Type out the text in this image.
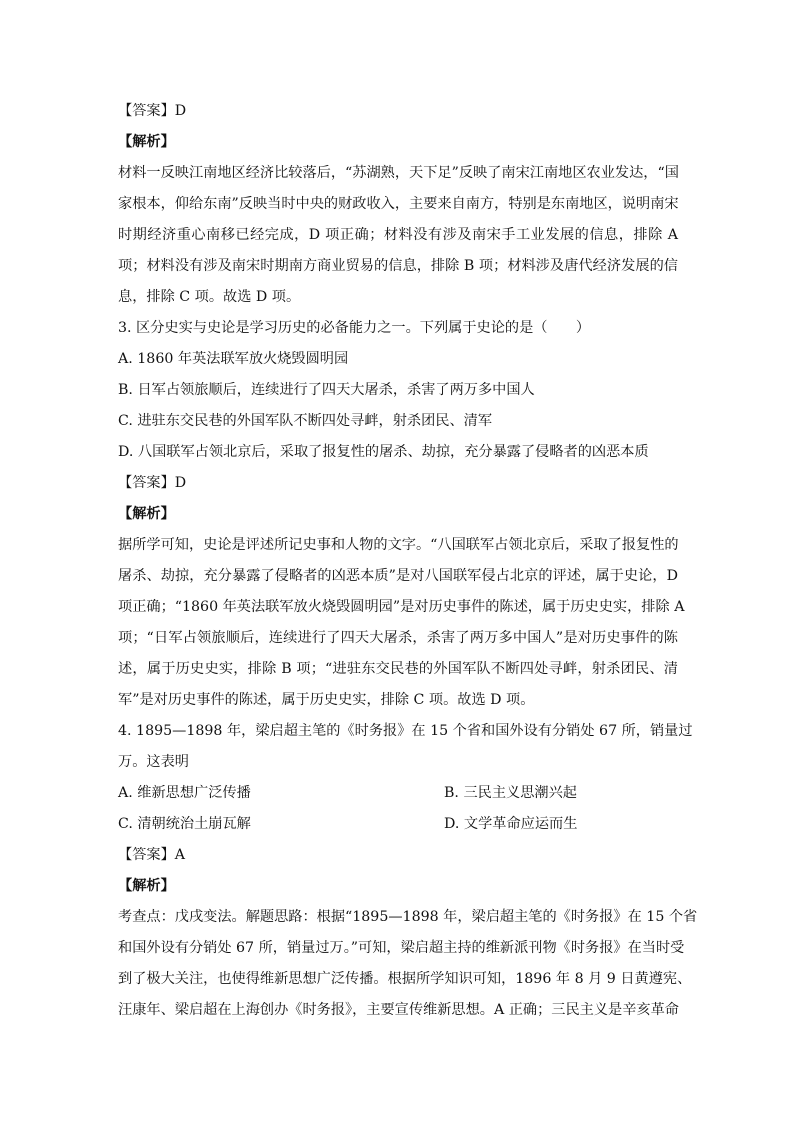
【答案】D
【解析】
材料一反映江南地区经济比较落后，“苏湖熟，天下足”反映了南宋江南地区农业发达，“国
家根本，仰给东南”反映当时中央的财政收入，主要来自南方，特别是东南地区，说明南宋
时期经济重心南移已经完成，D 项正确；材料没有涉及南宋手工业发展的信息，排除 A
项；材料没有涉及南宋时期南方商业贸易的信息，排除 B 项；材料涉及唐代经济发展的信
息，排除 C 项。故选 D 项。
3. 区分史实与史论是学习历史的必备能力之一。下列属于史论的是（　　）
A. 1860 年英法联军放火烧毁圆明园
B. 日军占领旅顺后，连续进行了四天大屠杀，杀害了两万多中国人
C. 进驻东交民巷的外国军队不断四处寻衅，射杀团民、清军
D. 八国联军占领北京后，采取了报复性的屠杀、劫掠，充分暴露了侵略者的凶恶本质
【答案】D
【解析】
据所学可知，史论是评述所记史事和人物的文字。“八国联军占领北京后，采取了报复性的
屠杀、劫掠，充分暴露了侵略者的凶恶本质”是对八国联军侵占北京的评述，属于史论，D
项正确；“1860 年英法联军放火烧毁圆明园”是对历史事件的陈述，属于历史史实，排除 A
项；“日军占领旅顺后，连续进行了四天大屠杀，杀害了两万多中国人”是对历史事件的陈
述，属于历史史实，排除 B 项；“进驻东交民巷的外国军队不断四处寻衅，射杀团民、清
军”是对历史事件的陈述，属于历史史实，排除 C 项。故选 D 项。
4. 1895—1898 年，梁启超主笔的《时务报》在 15 个省和国外设有分销处 67 所，销量过
万。这表明
A. 维新思想广泛传播	B. 三民主义思潮兴起
C. 清朝统治土崩瓦解	D. 文学革命应运而生
【答案】A
【解析】
考查点：戊戌变法。解题思路：根据“1895—1898 年，梁启超主笔的《时务报》在 15 个省
和国外设有分销处 67 所，销量过万。”可知，梁启超主持的维新派刊物《时务报》在当时受
到了极大关注，也使得维新思想广泛传播。根据所学知识可知，1896 年 8 月 9 日黄遵宪、
汪康年、梁启超在上海创办《时务报》，主要宣传维新思想。A 正确；三民主义是辛亥革命
